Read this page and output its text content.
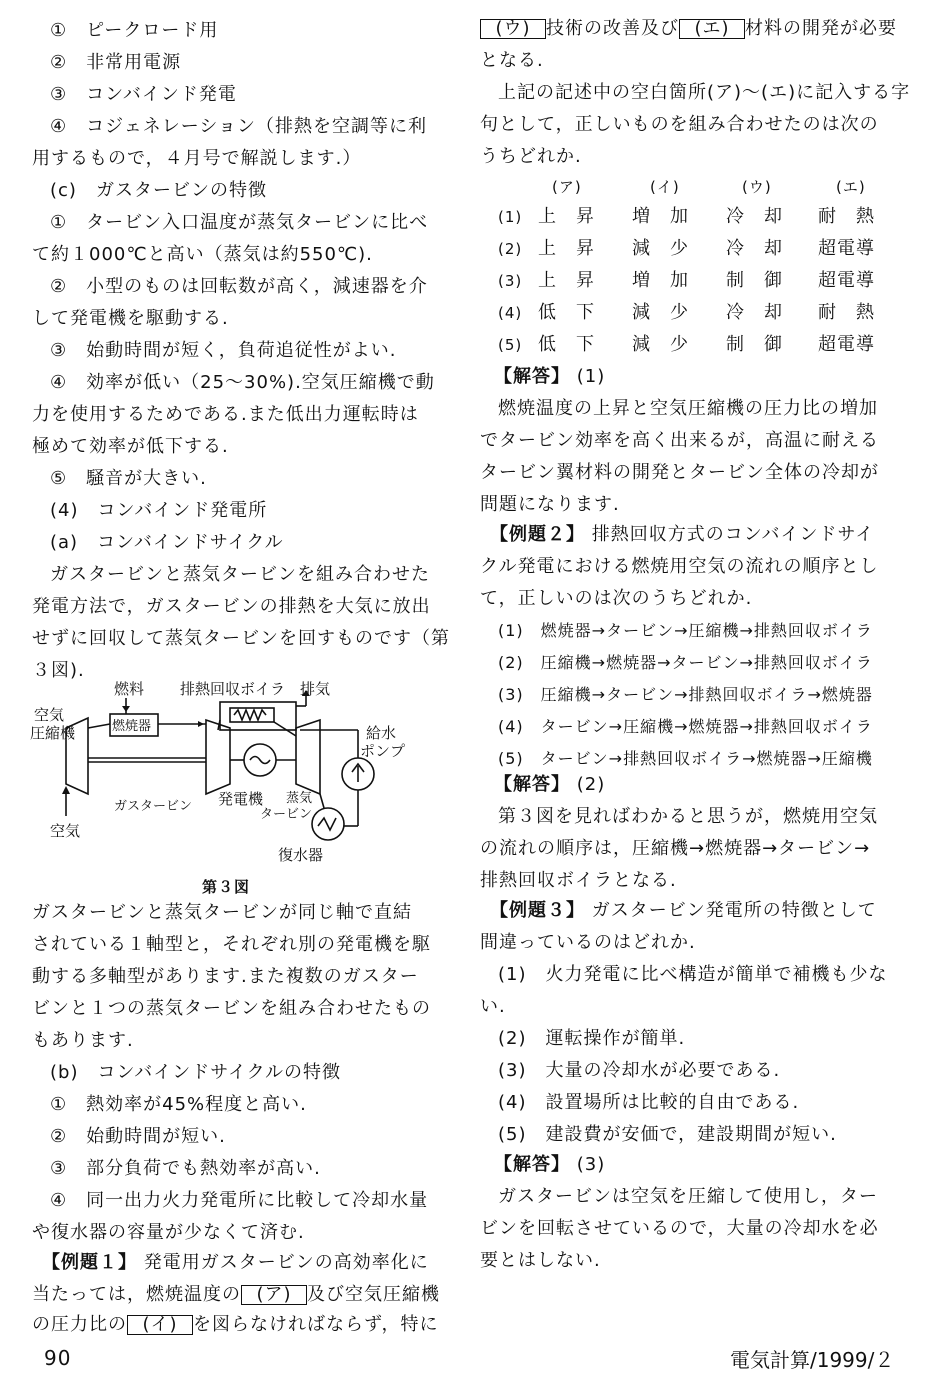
①　ピークロード用
②　非常用電源
③　コンバインド発電
④　コジェネレーション（排熱を空調等に利
用するもので，４月号で解説します.）
(c)　ガスタービンの特徴
①　タービン入口温度が蒸気タービンに比べ
て約１000℃と高い（蒸気は約550℃).
②　小型のものは回転数が高く，減速器を介
して発電機を駆動する.
③　始動時間が短く，負荷追従性がよい.
④　効率が低い（25～30%).空気圧縮機で動
力を使用するためである.また低出力運転時は
極めて効率が低下する.
⑤　騒音が大きい.
(4)　コンバインド発電所
(a)　コンバインドサイクル
ガスタービンと蒸気タービンを組み合わせた
発電方法で，ガスタービンの排熱を大気に放出
せずに回収して蒸気タービンを回すものです（第
３図).
燃料 排熱回収ボイラ 排気
空気
圧縮機	燃焼器	給水
ポンプ
ガスタービン 発電機 蒸気
タービン
空気
復水器
第３図
ガスタービンと蒸気タービンが同じ軸で直結
されている１軸型と，それぞれ別の発電機を駆
動する多軸型があります.また複数のガスター
ビンと１つの蒸気タービンを組み合わせたもの
もあります.
(b)　コンバインドサイクルの特徴
①　熱効率が45%程度と高い.
②　始動時間が短い.
③　部分負荷でも熱効率が高い.
④　同一出力火力発電所に比較して冷却水量
や復水器の容量が少なくて済む.
【例題１】 発電用ガスタービンの高効率化に
当たっては，燃焼温度の (ア) 及び空気圧縮機
の圧力比の (イ) を図らなければならず，特に
(ウ) 技術の改善及び (エ) 材料の開発が必要
となる.
上記の記述中の空白箇所(ア)～(エ)に記入する字
句として，正しいものを組み合わせたのは次の
うちどれか.
(ア)	(イ)	(ウ)	(エ)
(1) 上　昇 増　加 冷　却 耐　熱
(2) 上　昇 減　少 冷　却 超電導
(3) 上　昇 増　加 制　御 超電導
(4) 低　下 減　少 冷　却 耐　熱
(5) 低　下 減　少 制　御 超電導
【解答】 (1)
燃焼温度の上昇と空気圧縮機の圧力比の増加
でタービン効率を高く出来るが，高温に耐える
タービン翼材料の開発とタービン全体の冷却が
問題になります.
【例題２】 排熱回収方式のコンバインドサイ
クル発電における燃焼用空気の流れの順序とし
て，正しいのは次のうちどれか.
(1)　燃焼器→タービン→圧縮機→排熱回収ボイラ
(2)　圧縮機→燃焼器→タービン→排熱回収ボイラ
(3)　圧縮機→タービン→排熱回収ボイラ→燃焼器
(4)　タービン→圧縮機→燃焼器→排熱回収ボイラ
(5)　タービン→排熱回収ボイラ→燃焼器→圧縮機
【解答】 (2)
第３図を見ればわかると思うが，燃焼用空気
の流れの順序は，圧縮機→燃焼器→タービン→
排熱回収ボイラとなる.
【例題３】 ガスタービン発電所の特徴として
間違っているのはどれか.
(1)　火力発電に比べ構造が簡単で補機も少な
い.
(2)　運転操作が簡単.
(3)　大量の冷却水が必要である.
(4)　設置場所は比較的自由である.
(5)　建設費が安価で，建設期間が短い.
【解答】 (3)
ガスタービンは空気を圧縮して使用し，ター
ビンを回転させているので，大量の冷却水を必
要とはしない.
90	電気計算/1999/２
